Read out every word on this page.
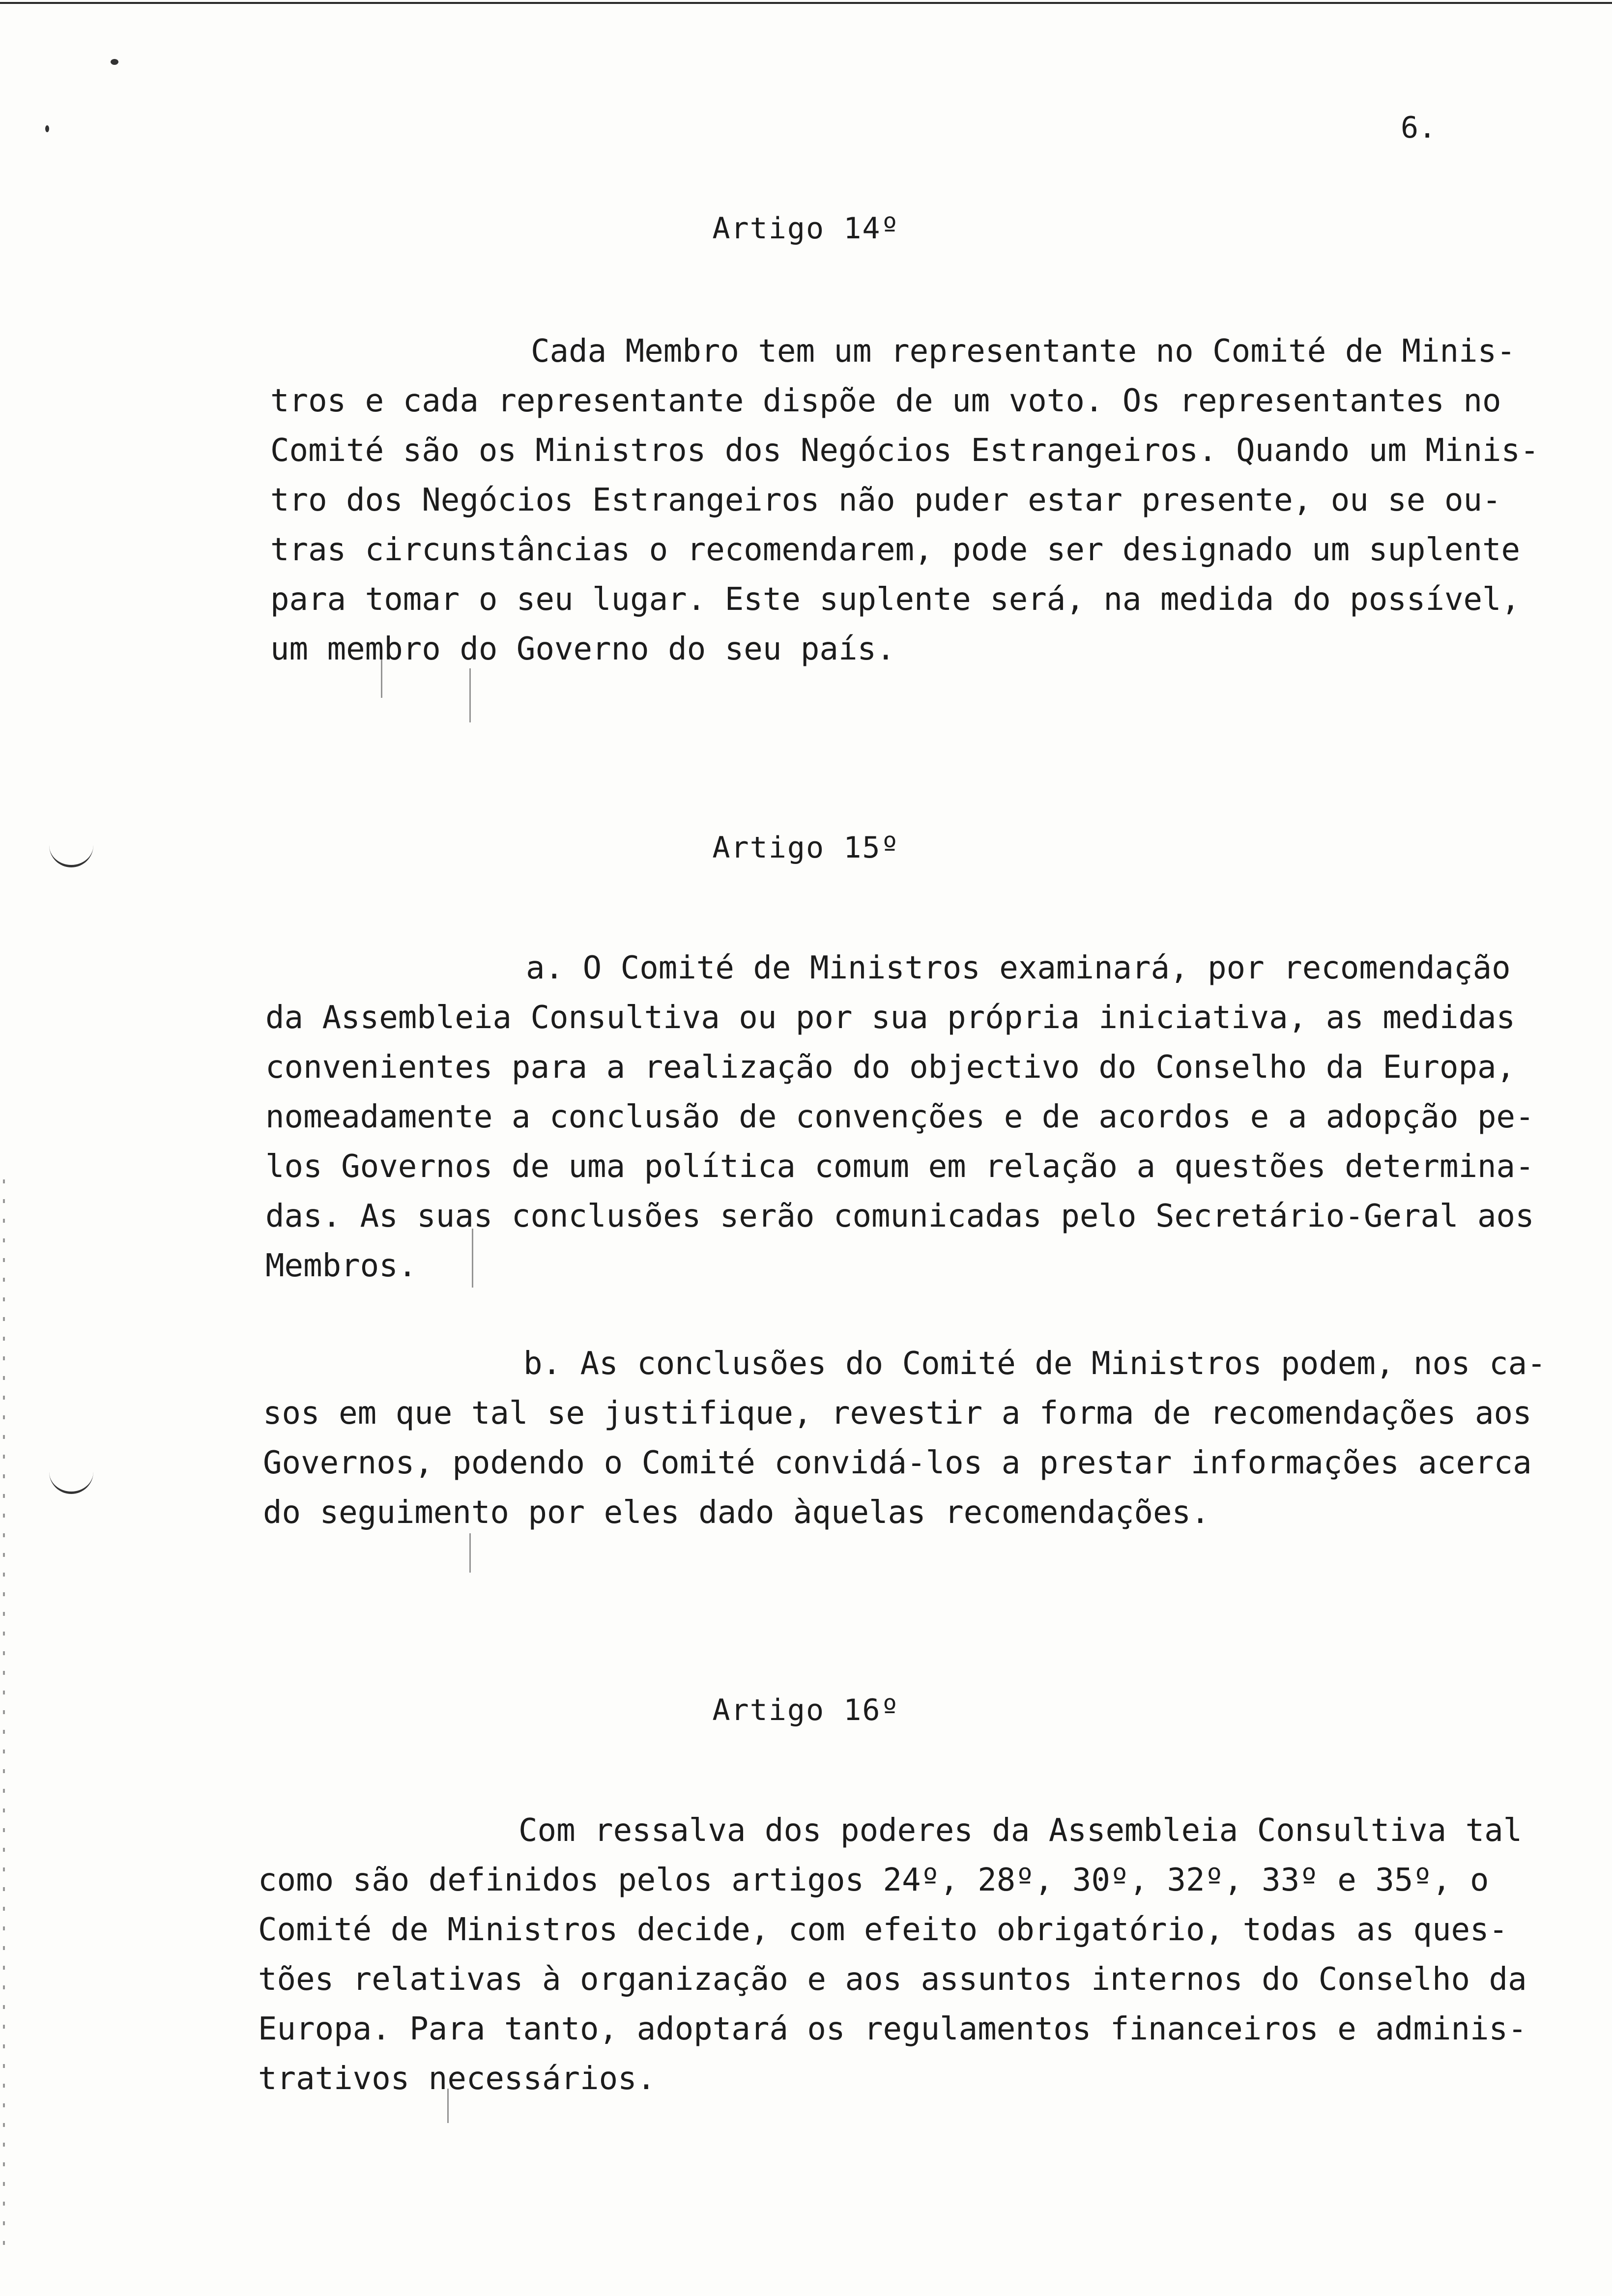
6.
Artigo 14º
Cada Membro tem um representante no Comité de Minis-
tros e cada representante dispõe de um voto. Os representantes no
Comité são os Ministros dos Negócios Estrangeiros. Quando um Minis-
tro dos Negócios Estrangeiros não puder estar presente, ou se ou-
tras circunstâncias o recomendarem, pode ser designado um suplente
para tomar o seu lugar. Este suplente será, na medida do possível,
um membro do Governo do seu país.
Artigo 15º
a. O Comité de Ministros examinará, por recomendação
da Assembleia Consultiva ou por sua própria iniciativa, as medidas
convenientes para a realização do objectivo do Conselho da Europa,
nomeadamente a conclusão de convenções e de acordos e a adopção pe-
los Governos de uma política comum em relação a questões determina-
das. As suas conclusões serão comunicadas pelo Secretário-Geral aos
Membros.
b. As conclusões do Comité de Ministros podem, nos ca-
sos em que tal se justifique, revestir a forma de recomendações aos
Governos, podendo o Comité convidá-los a prestar informações acerca
do seguimento por eles dado àquelas recomendações.
Artigo 16º
Com ressalva dos poderes da Assembleia Consultiva tal
como são definidos pelos artigos 24º, 28º, 30º, 32º, 33º e 35º, o
Comité de Ministros decide, com efeito obrigatório, todas as ques-
tões relativas à organização e aos assuntos internos do Conselho da
Europa. Para tanto, adoptará os regulamentos financeiros e adminis-
trativos necessários.
